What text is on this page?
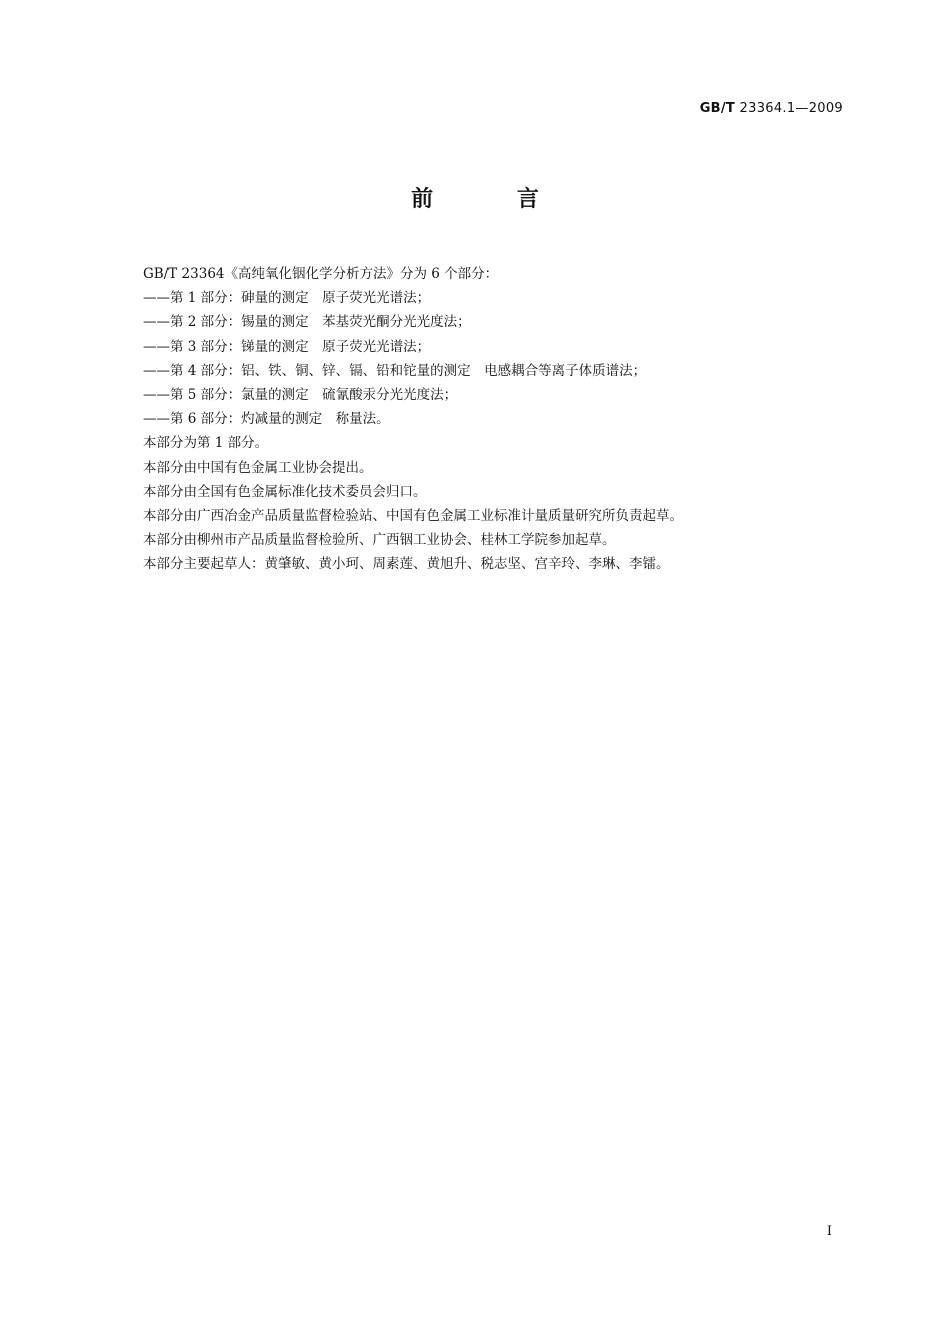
GB/T 23364.1—2009
前 言

GB/T 23364《高纯氧化铟化学分析方法》分为 6 个部分：

——第 1 部分：砷量的测定　原子荧光光谱法；

——第 2 部分：锡量的测定　苯基荧光酮分光光度法；

——第 3 部分：锑量的测定　原子荧光光谱法；

——第 4 部分：铝、铁、铜、锌、镉、铅和铊量的测定　电感耦合等离子体质谱法；

——第 5 部分：氯量的测定　硫氰酸汞分光光度法；

——第 6 部分：灼减量的测定　称量法。

本部分为第 1 部分。

本部分由中国有色金属工业协会提出。

本部分由全国有色金属标准化技术委员会归口。

本部分由广西冶金产品质量监督检验站、中国有色金属工业标准计量质量研究所负责起草。

本部分由柳州市产品质量监督检验所、广西铟工业协会、桂林工学院参加起草。

本部分主要起草人：黄肇敏、黄小珂、周素莲、黄旭升、税志坚、宫辛玲、李琳、李镭。

I
